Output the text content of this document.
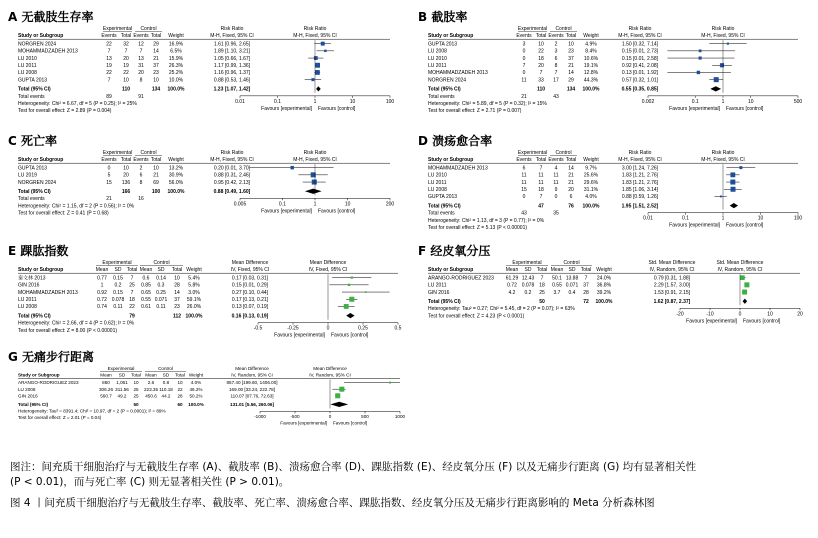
A 无截肢生存率
Experimental Control	Risk Ratio	Risk Ratio
Study or Subgroup	Events Total Events Total Weight	M-H, Fixed, 95% CI	M-H, Fixed, 95% CI
NORGREN 2024	22 32 12 29 16.9%	1.61 [0.96, 2.65]
MOHAMMADZADEH 2013	7	7 7 14 6.5%	1.89 [1.10, 3.21]
LU 2010	13 20 13 21 15.9%	1.05 [0.66, 1.67]
LU 2011	19 19 31 37 26.3%	1.17 [0.99, 1.36]
LU 2008	22 22 20 23 25.2%	1.16 [0.96, 1.37]
GUPTA 2013	7	10 8 10 10.0%	0.88 [0.53, 1.46]
Total (95% CI)	110	134 100.0%	1.23 [1.07, 1.42]
Total events	89	91
Heterogeneity: Chi² = 6.67, df = 5 (P = 0.25); I² = 25%
Test for overall effect: Z = 2.89 (P = 0.004)
0.01	0.1	1	10	100
Favours [experimental] Favours [control]
B 截肢率
Experimental Control	Risk Ratio	Risk Ratio
Study or Subgroup	Events Total Events Total Weight	M-H, Fixed, 95% CI	M-H, Fixed, 95% CI
GUPTA 2013	3	10 2 10 4.9%	1.50 [0.32, 7.14]
LU 2008	0	22 3 23 8.4%	0.15 [0.01, 2.73]
LU 2010	0	18 6 37 10.6%	0.15 [0.01, 2.58]
LU 2011	7	20 8 21 19.1%	0.92 [0.41, 2.08]
MOHAMMADZADEH 2013	0	7 7 14 12.8%	0.13 [0.01, 1.92]
NORGREN 2024	11 33 17 29 44.3%	0.57 [0.32, 1.01]
Total (95% CI)	110	134 100.0%	0.55 [0.35, 0.85]
Total events	21	43
Heterogeneity: Chi² = 5.89, df = 5 (P = 0.32); I² = 15%
Test for overall effect: Z = 2.71 (P = 0.007)
0.002	0.1	1	10	500
Favours [experimental] Favours [control]
C 死亡率
Experimental Control	Risk Ratio	Risk Ratio
Study or Subgroup	Events Total Events Total Weight	M-H, Fixed, 95% CI	M-H, Fixed, 95% CI
GUPTA 2013	0	10 2 10 13.2%	0.20 [0.01, 3.70]
LU 2019	5	20 6 21 30.9%	0.88 [0.31, 2.46]
NORGREN 2024	15 136 8 69 56.0%	0.95 [0.42, 2.13]
Total (95% CI)	166	100 100.0%	0.88 [0.49, 1.60]
Total events	21	16
Heterogeneity: Chi² = 1.15, df = 2 (P = 0.56); I² = 0%
Test for overall effect: Z = 0.41 (P = 0.68)
0.005	0.1	1	10	200
Favours [experimental] Favours [control]
D 溃疡愈合率
Experimental Control	Risk Ratio	Risk Ratio
Study or Subgroup	Events Total Events Total Weight	M-H, Fixed, 95% CI	M-H, Fixed, 95% CI
MOHAMMADZADEH 2013	6	7 4 14 9.7%	3.00 [1.24, 7.26]
LU 2010	11 11 11 21 25.6%	1.83 [1.21, 2.76]
LU 2011	11 11 11 21 29.6%	1.83 [1.21, 2.76]
LU 2008	15 18 9 20 31.1%	1.85 [1.06, 3.14]
GUPTA 2013	0	7 0 6	4.0%	0.88 [0.59, 1.26]
Total (95% CI)	47	76 100.0%	1.95 [1.51, 2.52]
Total events	43	35
Heterogeneity: Chi² = 1.13, df = 3 (P = 0.77); I² = 0%
Test for overall effect: Z = 5.13 (P < 0.00001)
0.01	0.1	1	10	100
Favours [experimental] Favours [control]
E 踝肱指数
Experimental	Control	Mean Difference	Mean Difference
Study or Subgroup	Mean SD Total Mean SD Total Weight	IV, Fixed, 95% CI	IV, Fixed, 95% CI
秦文林 2013	0.77 0.15 7 0.6 0.14 10 5.4%	0.17 [0.03, 0.31]
GIN 2016	1 0.2 25 0.85 0.3 28 5.8%	0.15 [0.01, 0.29]
MOHAMMADZADEH 2013	0.92 0.15 7 0.65 0.25 14 3.0%	0.27 [0.10, 0.44]
LU 2011	0.72 0.078 18 0.55 0.071 37 59.1%	0.17 [0.13, 0.21]
LU 2008	0.74 0.11 22 0.61 0.11 23 26.0%	0.13 [0.07, 0.19]
Total (95% CI)	79	112 100.0%	0.16 [0.13, 0.19]
Heterogeneity: Chi² = 2.66, df = 4 (P = 0.62); I² = 0%
Test for overall effect: Z = 8.00 (P < 0.00001)	-0.5	-0.25	0	0.25	0.5
Favours [experimental] Favours [control]
F 经皮氧分压
Experimental	Control	Std. Mean Difference	Std. Mean Difference
Study or Subgroup	Mean SD Total Mean SD Total Weight	IV, Random, 95% CI	IV, Random, 95% CI
ARANGO-RODRIGUEZ 2023 61.29 12.43 7 50.1 13.88 7 24.0%	0.79 [0.31, 1.88]
LU 2011	0.72 0.078 18 0.55 0.071 37 36.8%	2.29 [1.57, 3.00]
GIN 2016	4.2 0.2 25 3.7 0.4 28 39.2%	1.53 [0.91, 2.15]
Total (95% CI)	50	72 100.0%	1.62 [0.87, 2.37]
Heterogeneity: Tau² = 0.27; Chi² = 5.45, df = 2 (P = 0.07); I² = 63%
Test for overall effect: Z = 4.23 (P < 0.0001)	-20	-10	0	10	20
Favours [experimental] Favours [control]
G 无痛步行距离
Experimental	Control	Mean Difference	Mean Difference
Study or Subgroup	Mean SD Total Mean SD Total Weight	IV, Random, 95% CI	IV, Random, 95% CI
ARANGO-RODRIGUEZ 2023	860 1,061 10 2.6 0.8 10 4.0%	857.40 [199.60, 1406.00]
LU 2008	306.26 311.56 25 223.35 110.18 22 46.2%	169.00 [33.24, 222.78]
GIN 2016	560.7 49.2 25 450.6 44.2 28 50.2%	110.07 [07.76, 72.63]
Total (95% CI)	50	60 100.0%	131.01 [5.56, 260.06]
Heterogeneity: Tau² = 8391.4; Chi² = 10.97, df = 2 (P = 0.0001); I² = 89%
Test for overall effect: Z = 2.01 (P = 0.04)	-1000	-500	0	500	1000
Favours [experimental] Favours [control]
图注：间充质干细胞治疗与无截肢生存率 (A)、截肢率 (B)、溃疡愈合率 (D)、踝肱指数 (E)、经皮氧分压 (F) 以及无痛步行距离 (G) 均有显著相关性
(P < 0.01)，而与死亡率 (C) 则无显著相关性 (P > 0.01)。
图 4 丨间充质干细胞治疗与无截肢生存率、截肢率、死亡率、溃疡愈合率、踝肱指数、经皮氧分压及无痛步行距离影响的 Meta 分析森林图
